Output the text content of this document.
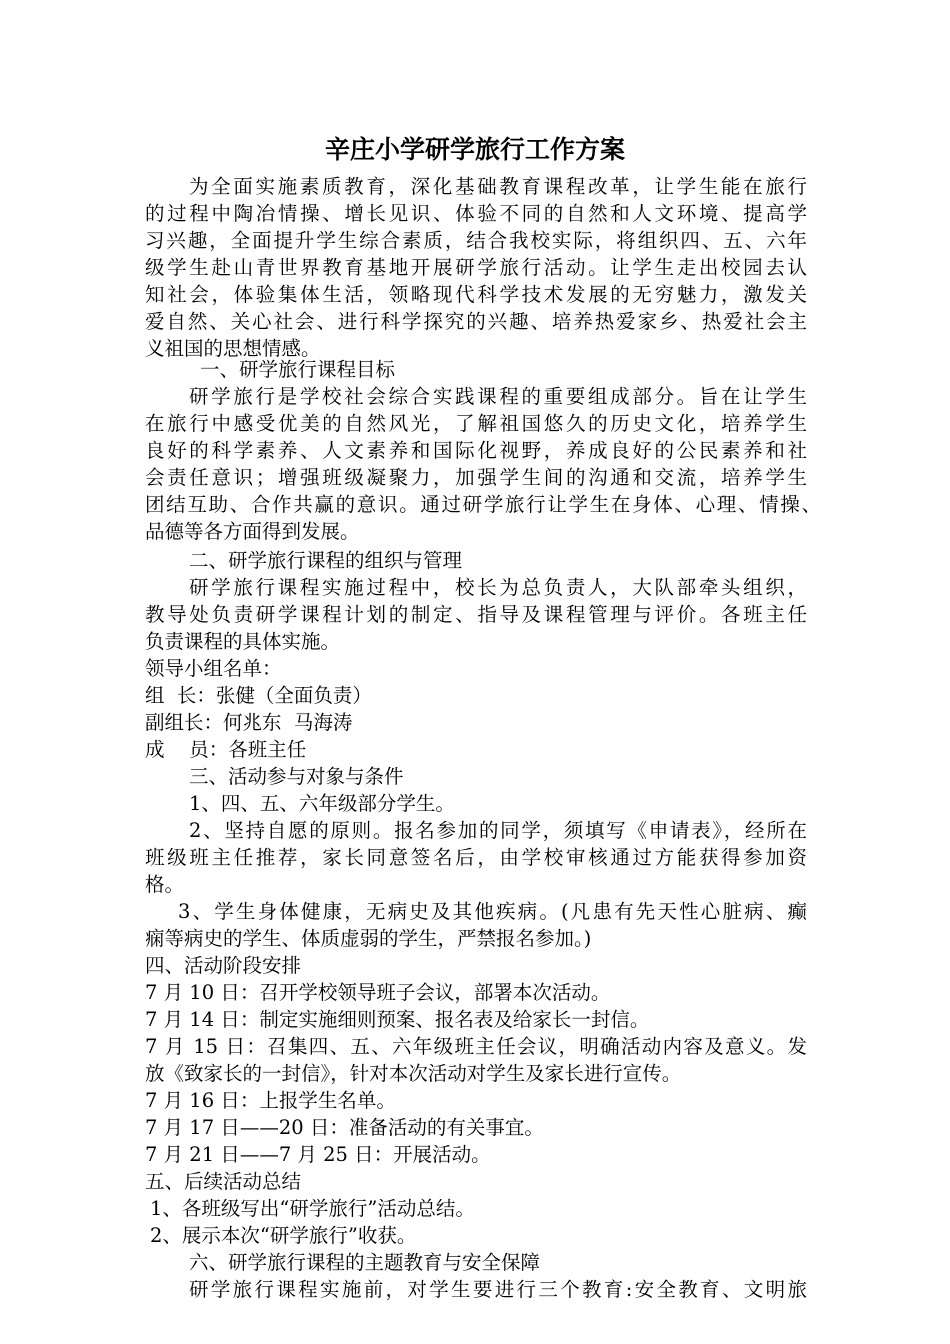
辛庄小学研学旅行工作方案
为全面实施素质教育，深化基础教育课程改革，让学生能在旅行
的过程中陶冶情操、增长见识、体验不同的自然和人文环境、提高学
习兴趣，全面提升学生综合素质，结合我校实际，将组织四、五、六年
级学生赴山青世界教育基地开展研学旅行活动。让学生走出校园去认
知社会，体验集体生活，领略现代科学技术发展的无穷魅力，激发关
爱自然、关心社会、进行科学探究的兴趣、培养热爱家乡、热爱社会主
义祖国的思想情感。
一、研学旅行课程目标
研学旅行是学校社会综合实践课程的重要组成部分。旨在让学生
在旅行中感受优美的自然风光，了解祖国悠久的历史文化，培养学生
良好的科学素养、人文素养和国际化视野，养成良好的公民素养和社
会责任意识；增强班级凝聚力，加强学生间的沟通和交流，培养学生
团结互助、合作共赢的意识。通过研学旅行让学生在身体、心理、情操、
品德等各方面得到发展。
二、研学旅行课程的组织与管理
研学旅行课程实施过程中，校长为总负责人，大队部牵头组织，
教导处负责研学课程计划的制定、指导及课程管理与评价。各班主任
负责课程的具体实施。
领导小组名单：
组  长：张健（全面负责）
副组长：何兆东  马海涛
成    员：各班主任
三、活动参与对象与条件
1、四、五、六年级部分学生。
2、坚持自愿的原则。报名参加的同学，须填写《申请表》，经所在
班级班主任推荐，家长同意签名后，由学校审核通过方能获得参加资
格。
3、学生身体健康，无病史及其他疾病。(凡患有先天性心脏病、癫
痫等病史的学生、体质虚弱的学生，严禁报名参加。)
四、活动阶段安排
7 月 10 日：召开学校领导班子会议，部署本次活动。
7 月 14 日：制定实施细则预案、报名表及给家长一封信。
7 月 15 日：召集四、五、六年级班主任会议，明确活动内容及意义。发
放《致家长的一封信》，针对本次活动对学生及家长进行宣传。
7 月 16 日：上报学生名单。
7 月 17 日——20 日：准备活动的有关事宜。
7 月 21 日——7 月 25 日：开展活动。
五、后续活动总结
1、各班级写出“研学旅行”活动总结。
2、展示本次“研学旅行”收获。
六、研学旅行课程的主题教育与安全保障
研学旅行课程实施前，对学生要进行三个教育:安全教育、文明旅
